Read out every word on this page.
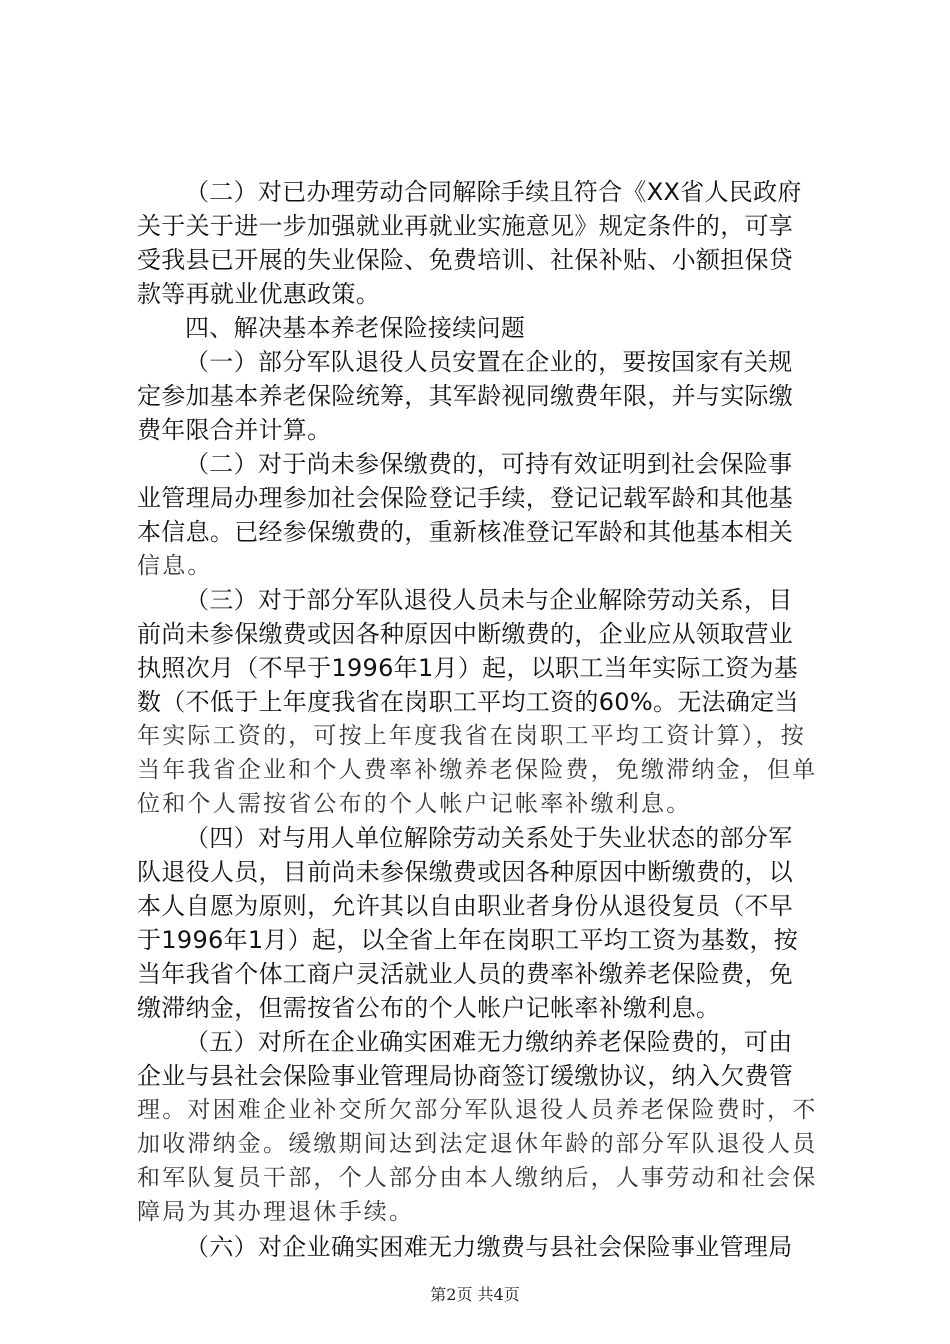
（二）对已办理劳动合同解除手续且符合《XX省人民政府
关于关于进一步加强就业再就业实施意见》规定条件的，可享
受我县已开展的失业保险、免费培训、社保补贴、小额担保贷
款等再就业优惠政策。
四、解决基本养老保险接续问题
（一）部分军队退役人员安置在企业的，要按国家有关规
定参加基本养老保险统筹，其军龄视同缴费年限，并与实际缴
费年限合并计算。
（二）对于尚未参保缴费的，可持有效证明到社会保险事
业管理局办理参加社会保险登记手续，登记记载军龄和其他基
本信息。已经参保缴费的，重新核准登记军龄和其他基本相关
信息。
（三）对于部分军队退役人员未与企业解除劳动关系，目
前尚未参保缴费或因各种原因中断缴费的，企业应从领取营业
执照次月（不早于1996年1月）起，以职工当年实际工资为基
数（不低于上年度我省在岗职工平均工资的60%。无法确定当
年实际工资的，可按上年度我省在岗职工平均工资计算），按
当年我省企业和个人费率补缴养老保险费，免缴滞纳金，但单
位和个人需按省公布的个人帐户记帐率补缴利息。
（四）对与用人单位解除劳动关系处于失业状态的部分军
队退役人员，目前尚未参保缴费或因各种原因中断缴费的，以
本人自愿为原则，允许其以自由职业者身份从退役复员（不早
于1996年1月）起，以全省上年在岗职工平均工资为基数，按
当年我省个体工商户灵活就业人员的费率补缴养老保险费，免
缴滞纳金，但需按省公布的个人帐户记帐率补缴利息。
（五）对所在企业确实困难无力缴纳养老保险费的，可由
企业与县社会保险事业管理局协商签订缓缴协议，纳入欠费管
理。对困难企业补交所欠部分军队退役人员养老保险费时，不
加收滞纳金。缓缴期间达到法定退休年龄的部分军队退役人员
和军队复员干部，个人部分由本人缴纳后，人事劳动和社会保
障局为其办理退休手续。
（六）对企业确实困难无力缴费与县社会保险事业管理局
第2页 共4页
